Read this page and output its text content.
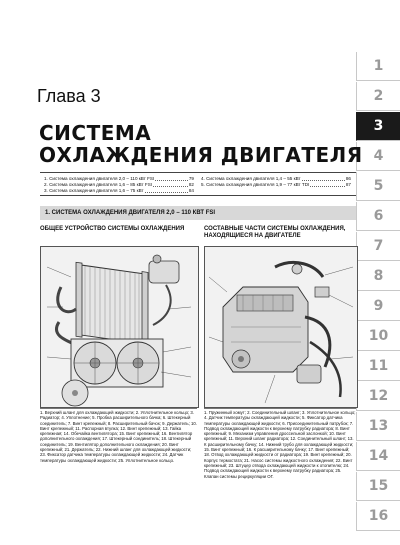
1
2
3
4
5
6
7
8
9
10
11
12
13
14
15
16
Глава 3
СИСТЕМА
ОХЛАЖДЕНИЯ ДВИГАТЕЛЯ
1. Система охлаждения двигателя 2,0 – 110 кВт FSI	79
2. Система охлаждения двигателя 1,6 – 85 кВт FSI	82
3. Система охлаждения двигателя 1,6 – 75 кВт	84
4. Система охлаждения двигателя 1,4 – 55 кВт	86
5. Система охлаждения двигателя 1,9 – 77 кВт TDI	87
1. СИСТЕМА ОХЛАЖДЕНИЯ ДВИГАТЕЛЯ 2,0 – 110 КВТ FSI
ОБЩЕЕ УСТРОЙСТВО СИСТЕМЫ ОХЛАЖДЕНИЯ	СОСТАВНЫЕ ЧАСТИ СИСТЕМЫ ОХЛАЖДЕНИЯ, НАХОДЯЩИЕСЯ НА ДВИГАТЕЛЕ
1. Верхний шланг для охлаждающей жидкости; 2. Уплотнительное кольцо; 3. Радиатор; 4. Уплотнение; 5. Пробка расширительного бачка; 6. Штекерный соединитель; 7. Винт крепежный; 8. Расширительный бачок; 9. Держатель; 10. Винт крепежный; 11. Распорная втулка; 12. Винт крепежный; 13. Гайка крепежная; 14. Обечайка вентилятора; 15. Винт крепежный; 16. Вентилятор дополнительного охлаждения; 17. Штекерный соединитель; 18. Штекерный соединитель; 19. Вентилятор дополнительного охлаждения; 20. Винт крепежный; 21. Держатель; 22. Нижний шланг для охлаждающей жидкости; 23. Фиксатор датчика температуры охлаждающей жидкости; 24. Датчик температуры охлаждающей жидкости; 25. Уплотнительное кольцо.
1. Пружинный хомут; 2. Соединительный шланг; 3. Уплотнительное кольцо; 4. Датчик температуры охлаждающей жидкости; 5. Фиксатор датчика температуры охлаждающей жидкости; 6. Присоединительный патрубок; 7. Подвод охлаждающей жидкости к верхнему патрубку радиатора; 8. Винт крепежный; 9. Механизм управления дроссельной заслонкой; 10. Винт крепежный; 11. Верхний шланг радиатора; 12. Соединительный шланг; 13. К расширительному бачку; 14. Нижний трубо для охлаждающей жидкости; 15. Винт крепежный; 16. К расширительному бачку; 17. Винт крепежный; 18. Отвод охлаждающей жидкости от радиатора; 19. Винт крепежный; 20. Корпус термостата; 21. Насос системы жидкостного охлаждения; 22. Винт крепежный; 23. Штуцер отвода охлаждающей жидкости к отопителю; 24. Подвод охлаждающей жидкости к верхнему патрубку радиатора; 25. Клапан системы рециркуляции ОГ.
